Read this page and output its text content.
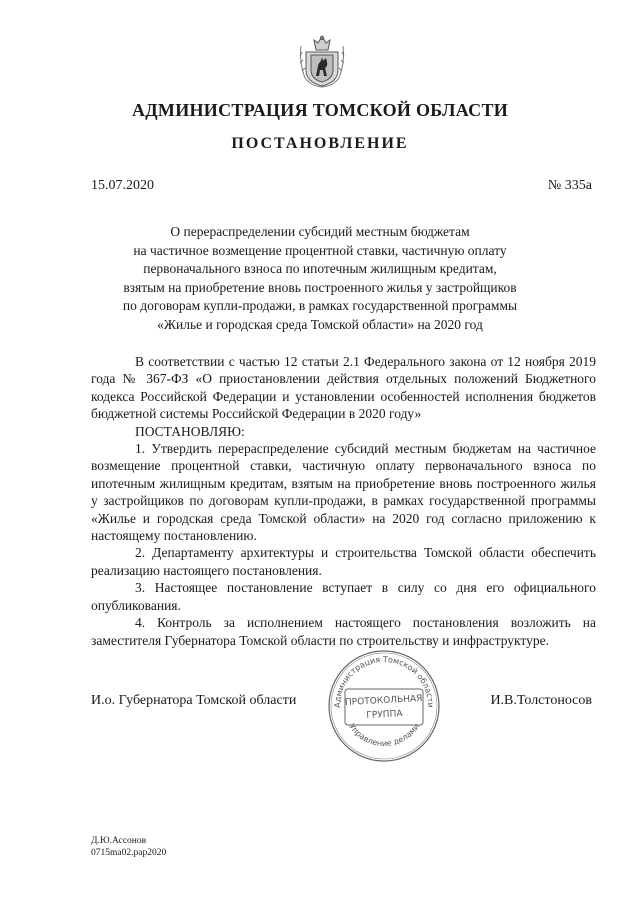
АДМИНИСТРАЦИЯ ТОМСКОЙ ОБЛАСТИ
ПОСТАНОВЛЕНИЕ
15.07.2020	№ 335а
О перераспределении субсидий местным бюджетам
на частичное возмещение процентной ставки, частичную оплату
первоначального взноса по ипотечным жилищным кредитам,
взятым на приобретение вновь построенного жилья у застройщиков
по договорам купли-продажи, в рамках государственной программы
«Жилье и городская среда Томской области» на 2020 год

В соответствии с частью 12 статьи 2.1 Федерального закона от 12 ноября 2019 года № 367-ФЗ «О приостановлении действия отдельных положений Бюджетного кодекса Российской Федерации и установлении особенностей исполнения бюджетов бюджетной системы Российской Федерации в 2020 году»

ПОСТАНОВЛЯЮ:

1. Утвердить перераспределение субсидий местным бюджетам на частичное возмещение процентной ставки, частичную оплату первоначального взноса по ипотечным жилищным кредитам, взятым на приобретение вновь построенного жилья у застройщиков по договорам купли-продажи, в рамках государственной программы «Жилье и городская среда Томской области» на 2020 год согласно приложению к настоящему постановлению.

2. Департаменту архитектуры и строительства Томской области обеспечить реализацию настоящего постановления.

3. Настоящее постановление вступает в силу со дня его официального опубликования.

4. Контроль за исполнением настоящего постановления возложить на заместителя Губернатора Томской области по строительству и инфраструктуре.

И.о. Губернатора Томской области	И.В.Толстоносов
Администрация Томской области
Управление делами
ПРОТОКОЛЬНАЯ
ГРУППА
Д.Ю.Ассонов
0715ma02.pap2020
